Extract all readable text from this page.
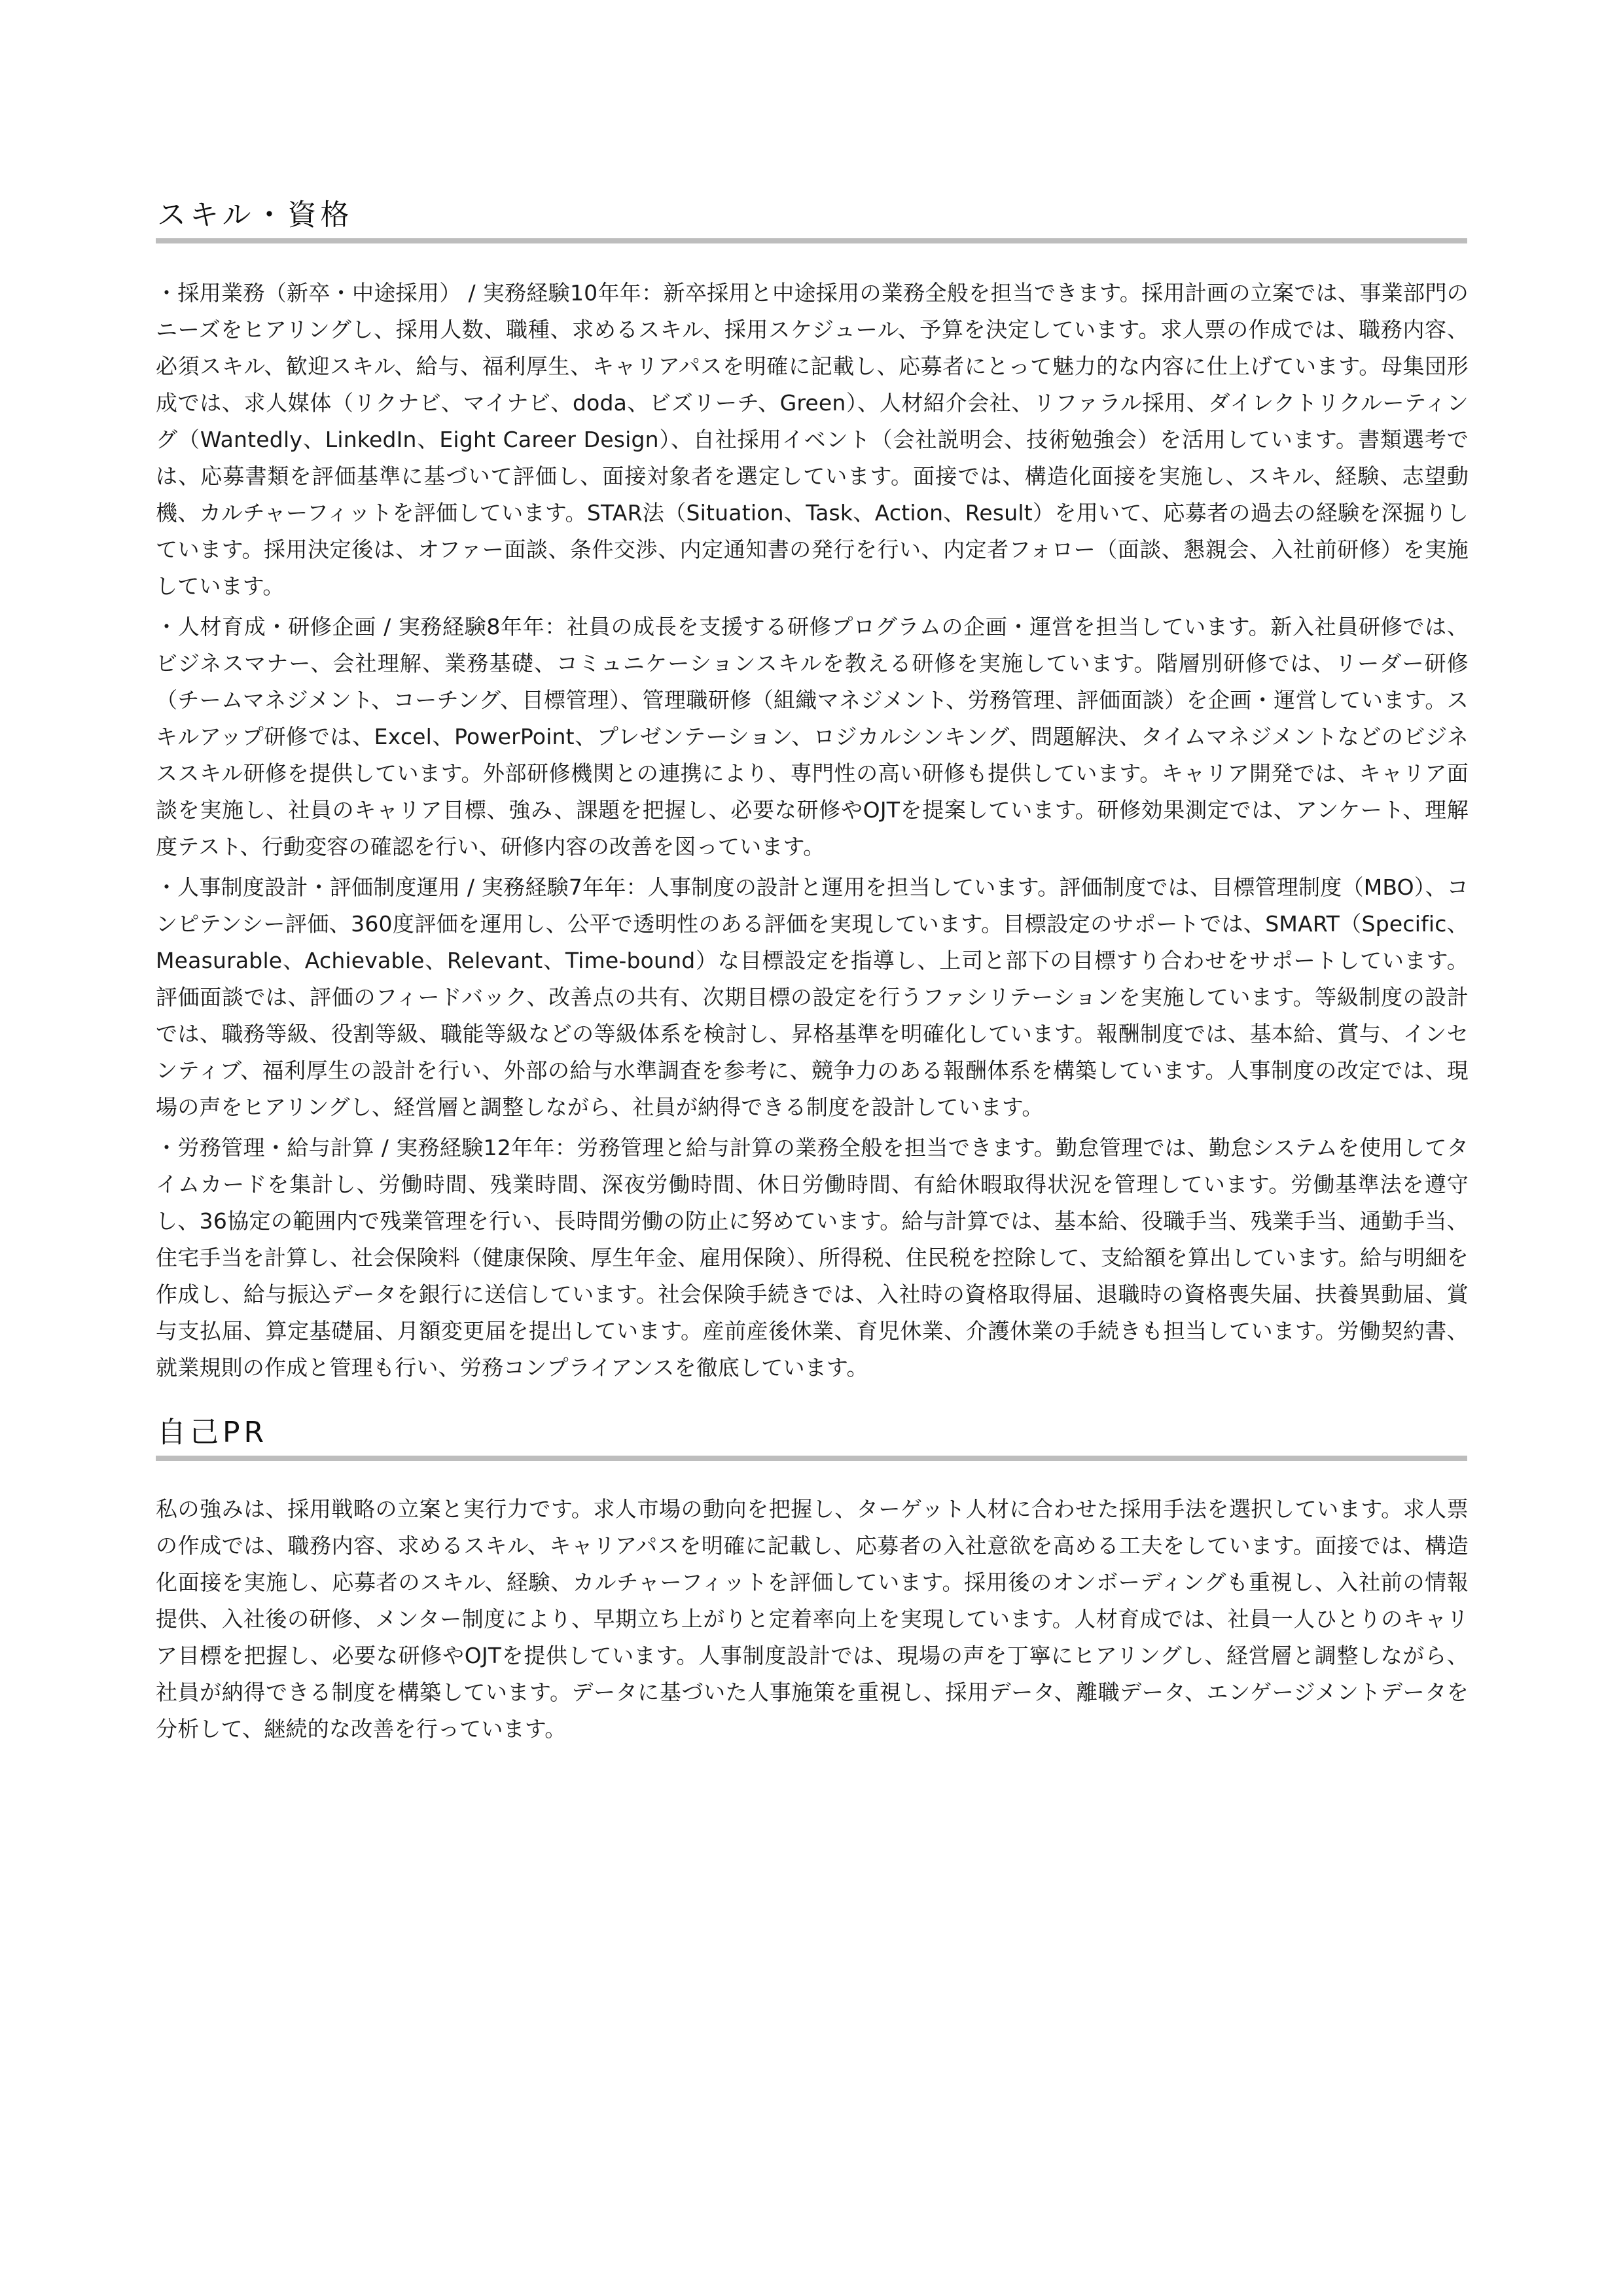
スキル・資格

・採用業務（新卒・中途採用） / 実務経験10年年：新卒採用と中途採用の業務全般を担当できます。採用計画の立案では、事業部門のニーズをヒアリングし、採用人数、職種、求めるスキル、採用スケジュール、予算を決定しています。求人票の作成では、職務内容、必須スキル、歓迎スキル、給与、福利厚生、キャリアパスを明確に記載し、応募者にとって魅力的な内容に仕上げています。母集団形成では、求人媒体（リクナビ、マイナビ、doda、ビズリーチ、Green）、人材紹介会社、リファラル採用、ダイレクトリクルーティング（Wantedly、LinkedIn、Eight Career Design）、自社採用イベント（会社説明会、技術勉強会）を活用しています。書類選考では、応募書類を評価基準に基づいて評価し、面接対象者を選定しています。面接では、構造化面接を実施し、スキル、経験、志望動機、カルチャーフィットを評価しています。STAR法（Situation、Task、Action、Result）を用いて、応募者の過去の経験を深掘りしています。採用決定後は、オファー面談、条件交渉、内定通知書の発行を行い、内定者フォロー（面談、懇親会、入社前研修）を実施しています。

・人材育成・研修企画 / 実務経験8年年：社員の成長を支援する研修プログラムの企画・運営を担当しています。新入社員研修では、ビジネスマナー、会社理解、業務基礎、コミュニケーションスキルを教える研修を実施しています。階層別研修では、リーダー研修（チームマネジメント、コーチング、目標管理）、管理職研修（組織マネジメント、労務管理、評価面談）を企画・運営しています。スキルアップ研修では、Excel、PowerPoint、プレゼンテーション、ロジカルシンキング、問題解決、タイムマネジメントなどのビジネススキル研修を提供しています。外部研修機関との連携により、専門性の高い研修も提供しています。キャリア開発では、キャリア面談を実施し、社員のキャリア目標、強み、課題を把握し、必要な研修やOJTを提案しています。研修効果測定では、アンケート、理解度テスト、行動変容の確認を行い、研修内容の改善を図っています。

・人事制度設計・評価制度運用 / 実務経験7年年：人事制度の設計と運用を担当しています。評価制度では、目標管理制度（MBO）、コンピテンシー評価、360度評価を運用し、公平で透明性のある評価を実現しています。目標設定のサポートでは、SMART（Specific、Measurable、Achievable、Relevant、Time-bound）な目標設定を指導し、上司と部下の目標すり合わせをサポートしています。評価面談では、評価のフィードバック、改善点の共有、次期目標の設定を行うファシリテーションを実施しています。等級制度の設計では、職務等級、役割等級、職能等級などの等級体系を検討し、昇格基準を明確化しています。報酬制度では、基本給、賞与、インセンティブ、福利厚生の設計を行い、外部の給与水準調査を参考に、競争力のある報酬体系を構築しています。人事制度の改定では、現場の声をヒアリングし、経営層と調整しながら、社員が納得できる制度を設計しています。

・労務管理・給与計算 / 実務経験12年年：労務管理と給与計算の業務全般を担当できます。勤怠管理では、勤怠システムを使用してタイムカードを集計し、労働時間、残業時間、深夜労働時間、休日労働時間、有給休暇取得状況を管理しています。労働基準法を遵守し、36協定の範囲内で残業管理を行い、長時間労働の防止に努めています。給与計算では、基本給、役職手当、残業手当、通勤手当、住宅手当を計算し、社会保険料（健康保険、厚生年金、雇用保険）、所得税、住民税を控除して、支給額を算出しています。給与明細を作成し、給与振込データを銀行に送信しています。社会保険手続きでは、入社時の資格取得届、退職時の資格喪失届、扶養異動届、賞与支払届、算定基礎届、月額変更届を提出しています。産前産後休業、育児休業、介護休業の手続きも担当しています。労働契約書、就業規則の作成と管理も行い、労務コンプライアンスを徹底しています。

自己PR

私の強みは、採用戦略の立案と実行力です。求人市場の動向を把握し、ターゲット人材に合わせた採用手法を選択しています。求人票の作成では、職務内容、求めるスキル、キャリアパスを明確に記載し、応募者の入社意欲を高める工夫をしています。面接では、構造化面接を実施し、応募者のスキル、経験、カルチャーフィットを評価しています。採用後のオンボーディングも重視し、入社前の情報提供、入社後の研修、メンター制度により、早期立ち上がりと定着率向上を実現しています。人材育成では、社員一人ひとりのキャリア目標を把握し、必要な研修やOJTを提供しています。人事制度設計では、現場の声を丁寧にヒアリングし、経営層と調整しながら、社員が納得できる制度を構築しています。データに基づいた人事施策を重視し、採用データ、離職データ、エンゲージメントデータを分析して、継続的な改善を行っています。
